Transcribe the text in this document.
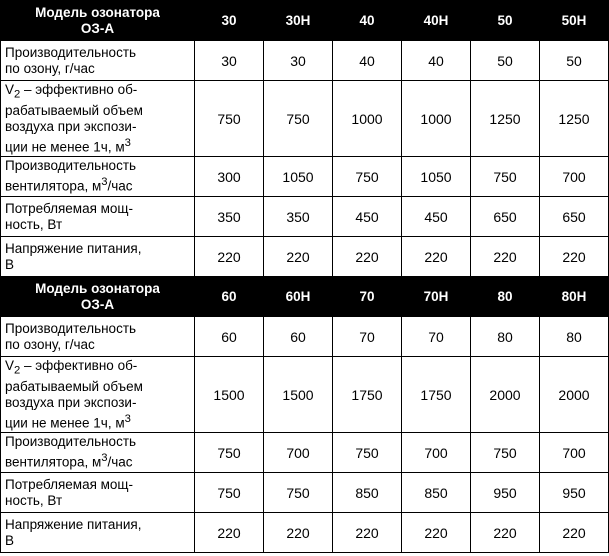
Модель озонатора
ОЗ-А	30	30Н	40	40Н	50	50Н
Производительность
по озону, г/час	30	30	40	40	50	50
$V_2$ – эффективно об-
рабатываемый объем
воздуха при экспози-
ции не менее 1ч, $м^3$	750	750	1000	1000	1250	1250
Производительность
вентилятора, $м^3$/час	300	1050	750	1050	750	700
Потребляемая мощ-
ность, Вт	350	350	450	450	650	650
Напряжение питания,
В	220	220	220	220	220	220
Модель озонатора
ОЗ-А	60	60Н	70	70Н	80	80Н
Производительность
по озону, г/час	60	60	70	70	80	80
$V_2$ – эффективно об-
рабатываемый объем
воздуха при экспози-
ции не менее 1ч, $м^3$	1500	1500	1750	1750	2000	2000
Производительность
вентилятора, $м^3$/час	750	700	750	700	750	700
Потребляемая мощ-
ность, Вт	750	750	850	850	950	950
Напряжение питания,
В	220	220	220	220	220	220
